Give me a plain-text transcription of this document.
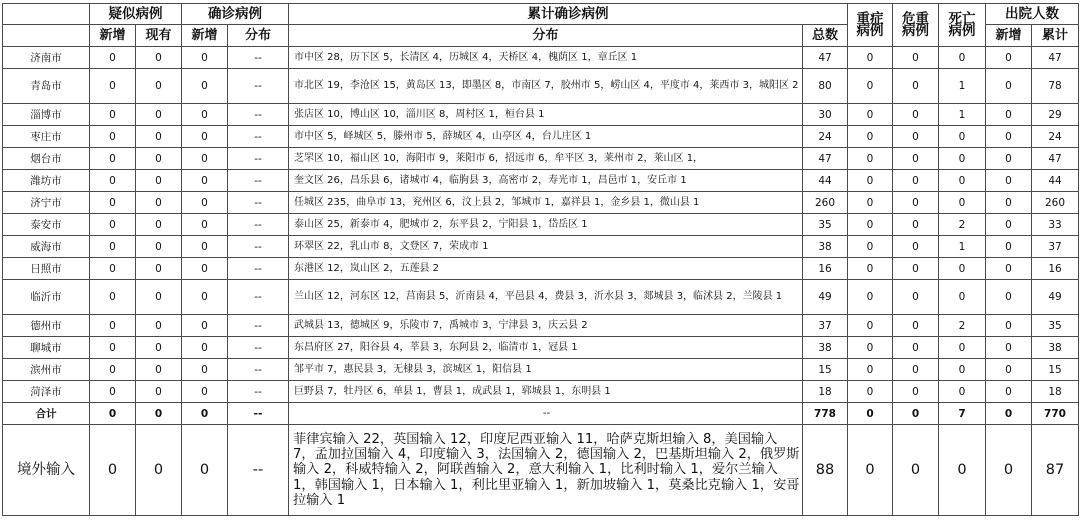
	疑似病例		确诊病例		累计确诊病例		重症病例	危重病例	死亡病例	出院人数	
	新增	现有	新增	分布	分布	总数				新增	累计
济南市	0	0	0	--	市中区 28，历下区 5，长清区 4，历城区 4，天桥区 4，槐荫区 1，章丘区 1	47	0	0	0	0	47
青岛市	0	0	0	--	市北区 19，李沧区 15，黄岛区 13，即墨区 8，市南区 7，胶州市 5，崂山区 4，平度市 4，莱西市 3，城阳区 2	80	0	0	1	0	78
淄博市	0	0	0	--	张店区 10，博山区 10，淄川区 8，周村区 1，桓台县 1	30	0	0	1	0	29
枣庄市	0	0	0	--	市中区 5，峄城区 5，滕州市 5，薛城区 4，山亭区 4，台儿庄区 1	24	0	0	0	0	24
烟台市	0	0	0	--	芝罘区 10，福山区 10，海阳市 9，莱阳市 6，招远市 6，牟平区 3，莱州市 2，莱山区 1，	47	0	0	0	0	47
潍坊市	0	0	0	--	奎文区 26，昌乐县 6，诸城市 4，临朐县 3，高密市 2，寿光市 1，昌邑市 1，安丘市 1	44	0	0	0	0	44
济宁市	0	0	0	--	任城区 235，曲阜市 13，兖州区 6，汶上县 2，邹城市 1，嘉祥县 1，金乡县 1，微山县 1	260	0	0	0	0	260
泰安市	0	0	0	--	泰山区 25，新泰市 4，肥城市 2，东平县 2，宁阳县 1，岱岳区 1	35	0	0	2	0	33
威海市	0	0	0	--	环翠区 22，乳山市 8，文登区 7，荣成市 1	38	0	0	1	0	37
日照市	0	0	0	--	东港区 12，岚山区 2，五莲县 2	16	0	0	0	0	16
临沂市	0	0	0	--	兰山区 12，河东区 12，莒南县 5，沂南县 4，平邑县 4，费县 3，沂水县 3，郯城县 3，临沭县 2，兰陵县 1	49	0	0	0	0	49
德州市	0	0	0	--	武城县 13，德城区 9，乐陵市 7，禹城市 3，宁津县 3，庆云县 2	37	0	0	2	0	35
聊城市	0	0	0	--	东昌府区 27，阳谷县 4，莘县 3，东阿县 2，临清市 1，冠县 1	38	0	0	0	0	38
滨州市	0	0	0	--	邹平市 7，惠民县 3，无棣县 3，滨城区 1，阳信县 1	15	0	0	0	0	15
菏泽市	0	0	0	--	巨野县 7，牡丹区 6，单县 1，曹县 1，成武县 1，郓城县 1，东明县 1	18	0	0	0	0	18
合计	0	0	0	--	--	778	0	0	7	0	770
境外输入	0	0	0	--	菲律宾输入 22，英国输入 12，印度尼西亚输入 11，哈萨克斯坦输入 8，美国输入 7，孟加拉国输入 4，印度输入 3，法国输入 2，德国输入 2，巴基斯坦输入 2，俄罗斯输入 2，科威特输入 2，阿联酋输入 2，意大利输入 1，比利时输入 1，爱尔兰输入 1，韩国输入 1，日本输入 1，利比里亚输入 1，新加坡输入 1，莫桑比克输入 1，安哥拉输入 1	88	0	0	0	0	87
